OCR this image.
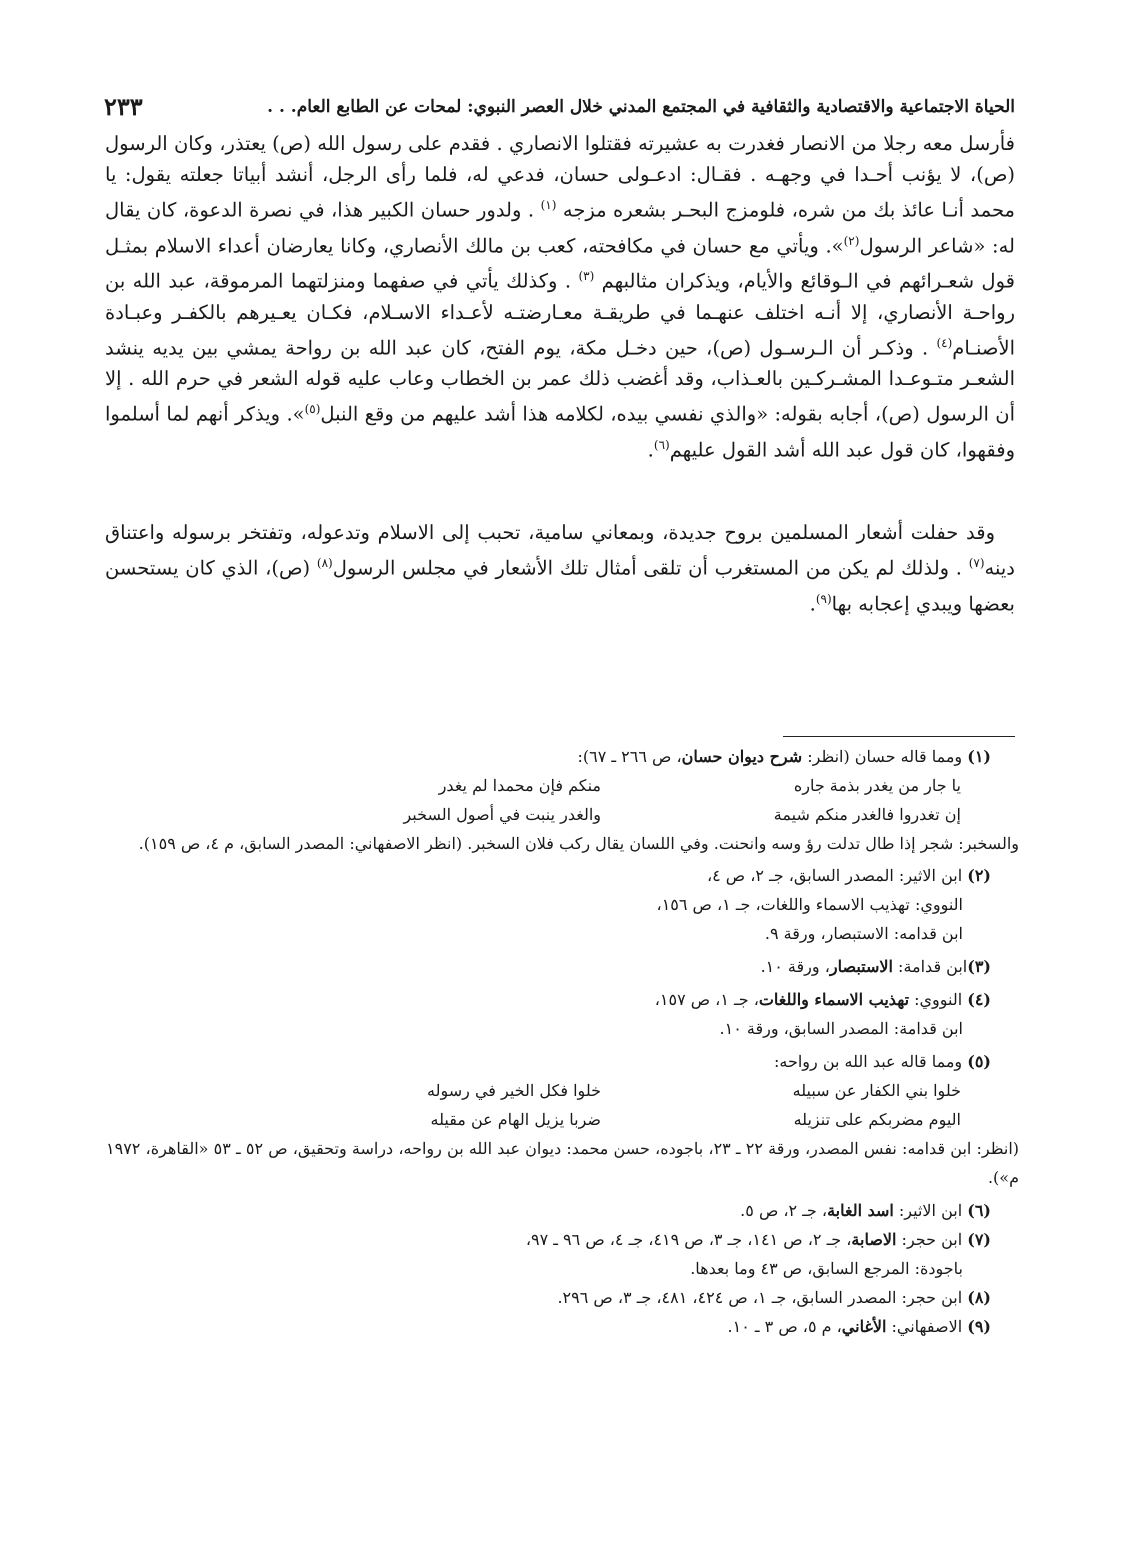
الحياة الاجتماعية والاقتصادية والثقافية في المجتمع المدني خلال العصر النبوي: لمحات عن الطابع العام. . .
٢٣٣

فأرسل معه رجلا من الانصار فغدرت به عشيرته فقتلوا الانصاري . فقدم على رسول الله (ص) يعتذر، وكان الرسول (ص)، لا يؤنب أحـدا في وجهـه . فقـال: ادعـولى حسان، فدعي له، فلما رأى الرجل، أنشد أبياتا جعلته يقول: يا محمد أنـا عائذ بك من شره، فلومزج البحـر بشعره مزجه $^{(١)}$ . ولدور حسان الكبير هذا، في نصرة الدعوة، كان يقال له: «شاعر الرسول$^{(٢)}$». ويأتي مع حسان في مكافحته، كعب بن مالك الأنصاري، وكانا يعارضان أعداء الاسلام بمثـل قول شعـرائهم في الـوقائع والأيام، ويذكران مثالبهم $^{(٣)}$ . وكذلك يأتي في صفهما ومنزلتهما المرموقة، عبد الله بن رواحـة الأنصاري، إلا أنـه اختلف عنهـما في طريقـة معـارضتـه لأعـداء الاسـلام، فكـان يعـيرهم بالكفـر وعبـادة الأصنـام$^{(٤)}$ . وذكـر أن الـرسـول (ص)، حين دخـل مكة، يوم الفتح، كان عبد الله بن رواحة يمشي بين يديه ينشد الشعـر متـوعـدا المشـركـين بالعـذاب، وقد أغضب ذلك عمر بن الخطاب وعاب عليه قوله الشعر في حرم الله . إلا أن الرسول (ص)، أجابه بقوله: «والذي نفسي بيده، لكلامه هذا أشد عليهم من وقع النبل$^{(٥)}$». ويذكر أنهم لما أسلموا وفقهوا، كان قول عبد الله أشد القول عليهم$^{(٦)}$.

وقد حفلت أشعار المسلمين بروح جديدة، وبمعاني سامية، تحبب إلى الاسلام وتدعوله، وتفتخر برسوله واعتناق دينه$^{(٧)}$ . ولذلك لم يكن من المستغرب أن تلقى أمثال تلك الأشعار في مجلس الرسول$^{(٨)}$ (ص)، الذي كان يستحسن بعضها ويبدي إعجابه بها$^{(٩)}$.

(١) ومما قاله حسان (انظر: شرح ديوان حسان، ص ٢٦٦ ـ ٦٧):

يا جار من يغدر بذمة جاره
منكم فإن محمدا لم يغدر
إن تغدروا فالغدر منكم شيمة
والغدر ينبت في أصول السخبر

والسخبر: شجر إذا طال تدلت رؤ وسه وانحنت. وفي اللسان يقال ركب فلان السخبر. (انظر الاصفهاني: المصدر السابق، م ٤، ص ١٥٩).

(٢) ابن الاثير: المصدر السابق، جـ ٢، ص ٤،

النووي: تهذيب الاسماء واللغات، جـ ١، ص ١٥٦،

ابن قدامه: الاستبصار، ورقة ٩.

(٣)ابن قدامة: الاستبصار، ورقة ١٠.

(٤) النووي: تهذيب الاسماء واللغات، جـ ١، ص ١٥٧،

ابن قدامة: المصدر السابق، ورقة ١٠.

(٥) ومما قاله عبد الله بن رواحه:

خلوا بني الكفار عن سبيله
خلوا فكل الخير في رسوله
اليوم مضربكم على تنزيله
ضربا يزيل الهام عن مقيله

(انظر: ابن قدامه: نفس المصدر، ورقة ٢٢ ـ ٢٣، باجوده، حسن محمد: ديوان عبد الله بن رواحه، دراسة وتحقيق، ص ٥٢ ـ ٥٣ «القاهرة، ١٩٧٢ م»).

(٦) ابن الاثير: اسد الغابة، جـ ٢، ص ٥.

(٧) ابن حجر: الاصابة، جـ ٢، ص ١٤١، جـ ٣، ص ٤١٩، جـ ٤، ص ٩٦ ـ ٩٧،

باجودة: المرجع السابق، ص ٤٣ وما بعدها.

(٨) ابن حجر: المصدر السابق، جـ ١، ص ٤٢٤، ٤٨١، جـ ٣، ص ٢٩٦.

(٩) الاصفهاني: الأغاني، م ٥، ص ٣ ـ ١٠.
